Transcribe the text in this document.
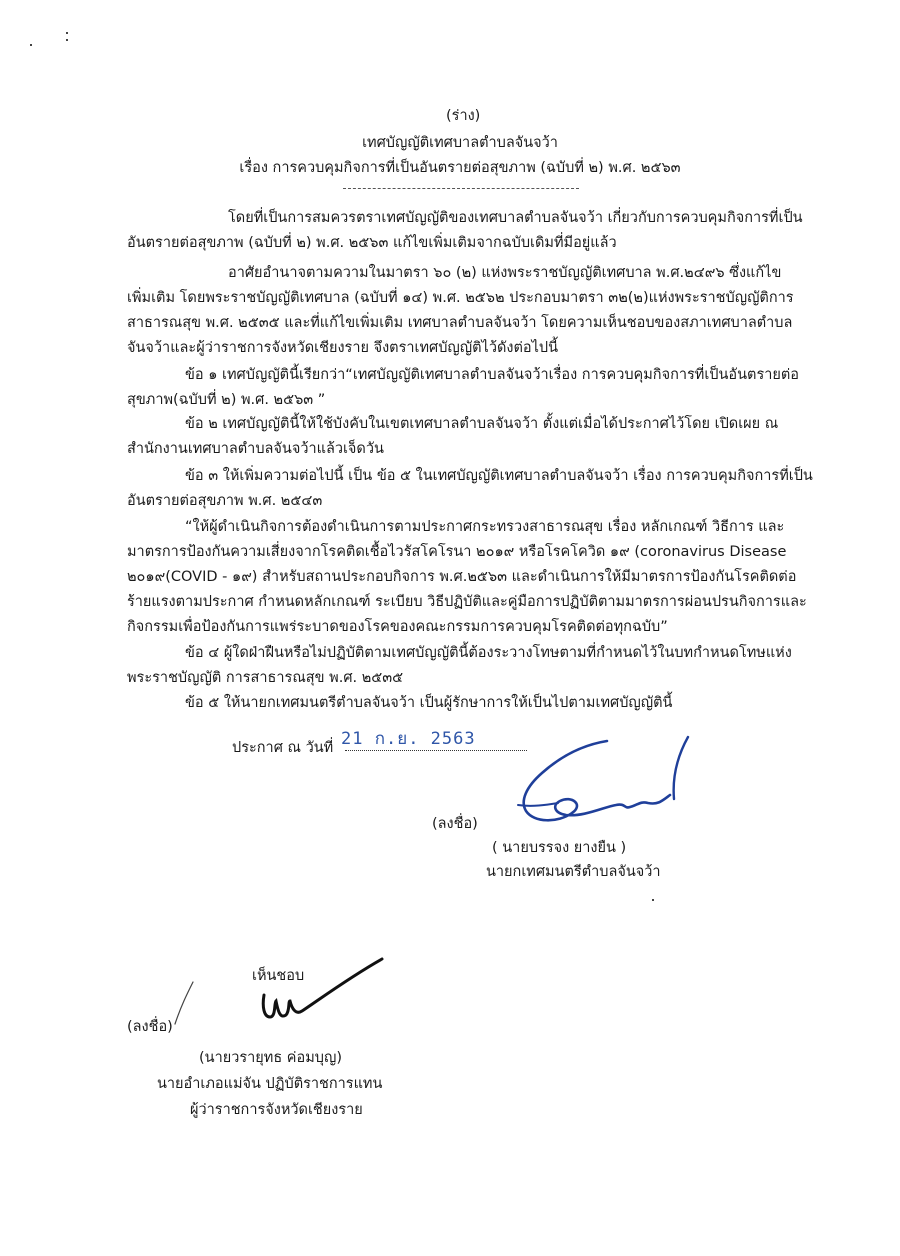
(ร่าง)
เทศบัญญัติเทศบาลตำบลจันจว้า
เรื่อง การควบคุมกิจการที่เป็นอันตรายต่อสุขภาพ (ฉบับที่ ๒) พ.ศ. ๒๕๖๓
โดยที่เป็นการสมควรตราเทศบัญญัติของเทศบาลตำบลจันจว้า เกี่ยวกับการควบคุมกิจการที่เป็น
อันตรายต่อสุขภาพ (ฉบับที่ ๒) พ.ศ. ๒๕๖๓ แก้ไขเพิ่มเติมจากฉบับเดิมที่มีอยู่แล้ว
อาศัยอำนาจตามความในมาตรา ๖๐ (๒) แห่งพระราชบัญญัติเทศบาล พ.ศ.๒๔๙๖ ซึ่งแก้ไข
เพิ่มเติม โดยพระราชบัญญัติเทศบาล (ฉบับที่ ๑๔) พ.ศ. ๒๕๖๒ ประกอบมาตรา ๓๒(๒)แห่งพระราชบัญญัติการ
สาธารณสุข พ.ศ. ๒๕๓๕ และที่แก้ไขเพิ่มเติม เทศบาลตำบลจันจว้า โดยความเห็นชอบของสภาเทศบาลตำบล
จันจว้าและผู้ว่าราชการจังหวัดเชียงราย จึงตราเทศบัญญัติไว้ดังต่อไปนี้
ข้อ ๑ เทศบัญญัตินี้เรียกว่า“เทศบัญญัติเทศบาลตำบลจันจว้าเรื่อง การควบคุมกิจการที่เป็นอันตรายต่อ
สุขภาพ(ฉบับที่ ๒) พ.ศ. ๒๕๖๓ ”
ข้อ ๒ เทศบัญญัตินี้ให้ใช้บังคับในเขตเทศบาลตำบลจันจว้า ตั้งแต่เมื่อได้ประกาศไว้โดย เปิดเผย ณ
สำนักงานเทศบาลตำบลจันจว้าแล้วเจ็ดวัน
ข้อ ๓ ให้เพิ่มความต่อไปนี้ เป็น ข้อ ๕ ในเทศบัญญัติเทศบาลตำบลจันจว้า เรื่อง การควบคุมกิจการที่เป็น
อันตรายต่อสุขภาพ พ.ศ. ๒๕๔๓
“ให้ผู้ดำเนินกิจการต้องดำเนินการตามประกาศกระทรวงสาธารณสุข เรื่อง หลักเกณฑ์ วิธีการ และ
มาตรการป้องกันความเสี่ยงจากโรคติดเชื้อไวรัสโคโรนา ๒๐๑๙ หรือโรคโควิด ๑๙ (coronavirus Disease
๒๐๑๙(COVID - ๑๙) สำหรับสถานประกอบกิจการ พ.ศ.๒๕๖๓ และดำเนินการให้มีมาตรการป้องกันโรคติดต่อ
ร้ายแรงตามประกาศ กำหนดหลักเกณฑ์ ระเบียบ วิธีปฏิบัติและคู่มือการปฏิบัติตามมาตรการผ่อนปรนกิจการและ
กิจกรรมเพื่อป้องกันการแพร่ระบาดของโรคของคณะกรรมการควบคุมโรคติดต่อทุกฉบับ”
ข้อ ๔ ผู้ใดฝ่าฝืนหรือไม่ปฏิบัติตามเทศบัญญัตินี้ต้องระวางโทษตามที่กำหนดไว้ในบทกำหนดโทษแห่ง
พระราชบัญญัติ การสาธารณสุข พ.ศ. ๒๕๓๕
ข้อ ๕ ให้นายกเทศมนตรีตำบลจันจว้า เป็นผู้รักษาการให้เป็นไปตามเทศบัญญัตินี้
ประกาศ ณ วันที่ 21 ก.ย. 2563
(ลงชื่อ)
( นายบรรจง ยางยืน )
นายกเทศมนตรีตำบลจันจว้า
เห็นชอบ
(ลงชื่อ)
(นายวรายุทธ ค่อมบุญ)
นายอำเภอแม่จัน ปฏิบัติราชการแทน
ผู้ว่าราชการจังหวัดเชียงราย
